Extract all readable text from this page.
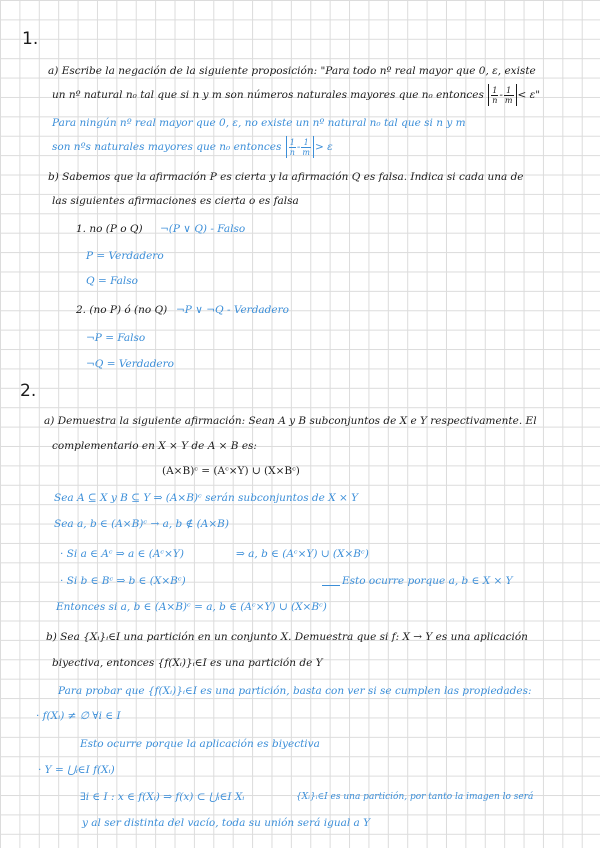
1.
a) Escribe la negación de la siguiente proposición: "Para todo nº real mayor que 0, ε, existe
un nº natural n₀ tal que si n y m son números naturales mayores que n₀ entonces $\frac{1}{n} - \frac{1}{m} < \varepsilon$"
Para ningún nº real mayor que 0, ε, no existe un nº natural n₀ tal que si n y m
son nºs naturales mayores que n₀ entonces $\frac{1}{n} - \frac{1}{m} > \varepsilon$
b) Sabemos que la afirmación P es cierta y la afirmación Q es falsa. Indica si cada una de
las siguientes afirmaciones es cierta o es falsa
1. no (P o Q) ¬(P ∨ Q) - Falso
P = Verdadero
Q = Falso
2. (no P) ó (no Q) ¬P ∨ ¬Q - Verdadero
¬P = Falso
¬Q = Verdadero
2.
a) Demuestra la siguiente afirmación: Sean A y B subconjuntos de X e Y respectivamente. El
complementario en X × Y de A × B es:
(A×B)ᶜ = (Aᶜ×Y) ∪ (X×Bᶜ)
Sea A ⊆ X y B ⊆ Y ⇒ (A×B)ᶜ serán subconjuntos de X × Y
Sea a, b ∈ (A×B)ᶜ → a, b ∉ (A×B)
· Si a ∈ Aᶜ ⇒ a ∈ (Aᶜ×Y)	⇒ a, b ∈ (Aᶜ×Y) ∪ (X×Bᶜ)
· Si b ∈ Bᶜ ⇒ b ∈ (X×Bᶜ)	Esto ocurre porque a, b ∈ X × Y
Entonces si a, b ∈ (A×B)ᶜ = a, b ∈ (Aᶜ×Y) ∪ (X×Bᶜ)
b) Sea {Xᵢ}ᵢ∈I una partición en un conjunto X. Demuestra que si f: X → Y es una aplicación
biyectiva, entonces {f(Xᵢ)}ᵢ∈I es una partición de Y
Para probar que {f(Xᵢ)}ᵢ∈I es una partición, basta con ver si se cumplen las propiedades:
· f(Xᵢ) ≠ ∅ ∀i ∈ I
Esto ocurre porque la aplicación es biyectiva
· Y = ⋃ᵢ∈I f(Xᵢ)
∃i ∈ I : x ∈ f(Xᵢ) ⇒ f(x) ⊂ ⋃ᵢ∈I Xᵢ	{Xᵢ}ᵢ∈I es una partición, por tanto la imagen lo será
y al ser distinta del vacío, toda su unión será igual a Y
